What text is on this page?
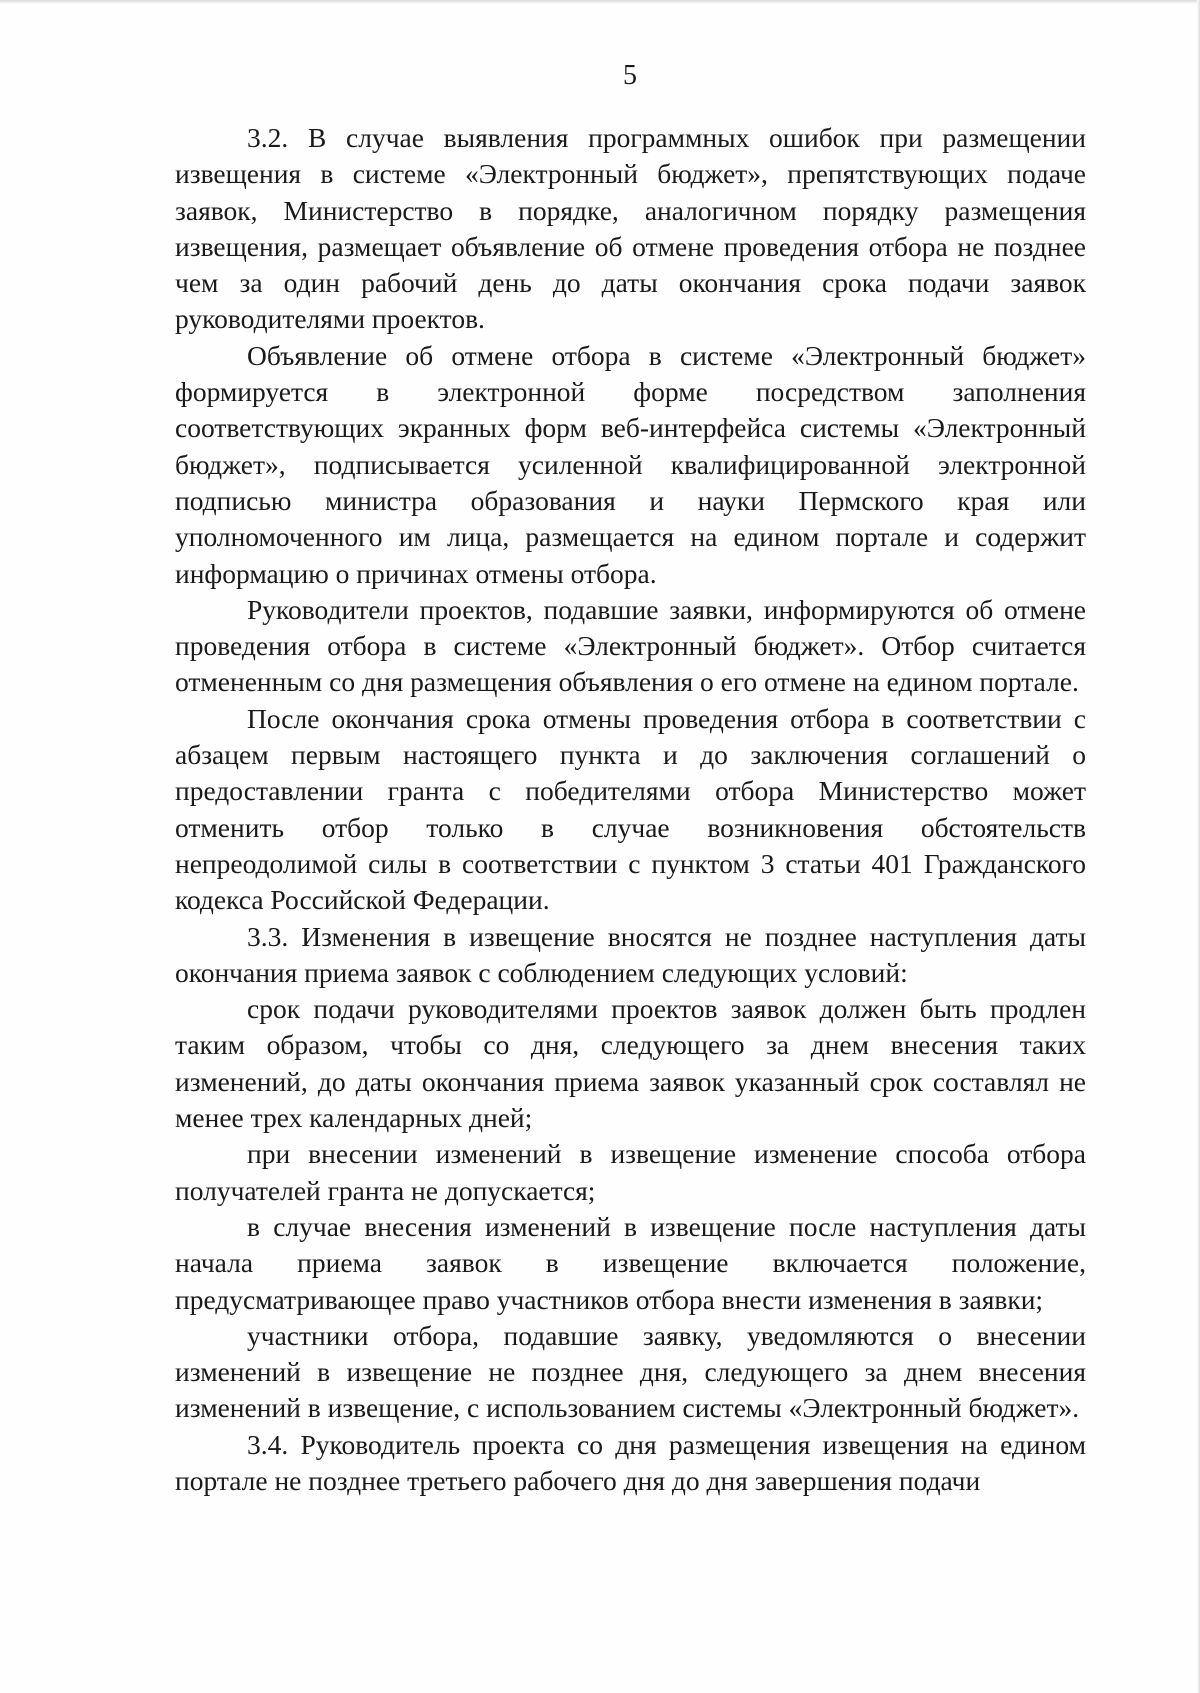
5

3.2. В случае выявления программных ошибок при размещении извещения в системе «Электронный бюджет», препятствующих подаче заявок, Министерство в порядке, аналогичном порядку размещения извещения, размещает объявление об отмене проведения отбора не позднее чем за один рабочий день до даты окончания срока подачи заявок руководителями проектов.

Объявление об отмене отбора в системе «Электронный бюджет» формируется в электронной форме посредством заполнения соответствующих экранных форм веб-интерфейса системы «Электронный бюджет», подписывается усиленной квалифицированной электронной подписью министра образования и науки Пермского края или уполномоченного им лица, размещается на едином портале и содержит информацию о причинах отмены отбора.

Руководители проектов, подавшие заявки, информируются об отмене проведения отбора в системе «Электронный бюджет». Отбор считается отмененным со дня размещения объявления о его отмене на едином портале.

После окончания срока отмены проведения отбора в соответствии с абзацем первым настоящего пункта и до заключения соглашений о предоставлении гранта с победителями отбора Министерство может отменить отбор только в случае возникновения обстоятельств непреодолимой силы в соответствии с пунктом 3 статьи 401 Гражданского кодекса Российской Федерации.

3.3. Изменения в извещение вносятся не позднее наступления даты окончания приема заявок с соблюдением следующих условий:

срок подачи руководителями проектов заявок должен быть продлен таким образом, чтобы со дня, следующего за днем внесения таких изменений, до даты окончания приема заявок указанный срок составлял не менее трех календарных дней;

при внесении изменений в извещение изменение способа отбора получателей гранта не допускается;

в случае внесения изменений в извещение после наступления даты начала приема заявок в извещение включается положение, предусматривающее право участников отбора внести изменения в заявки;

участники отбора, подавшие заявку, уведомляются о внесении изменений в извещение не позднее дня, следующего за днем внесения изменений в извещение, с использованием системы «Электронный бюджет».

3.4. Руководитель проекта со дня размещения извещения на едином портале не позднее третьего рабочего дня до дня завершения подачи
